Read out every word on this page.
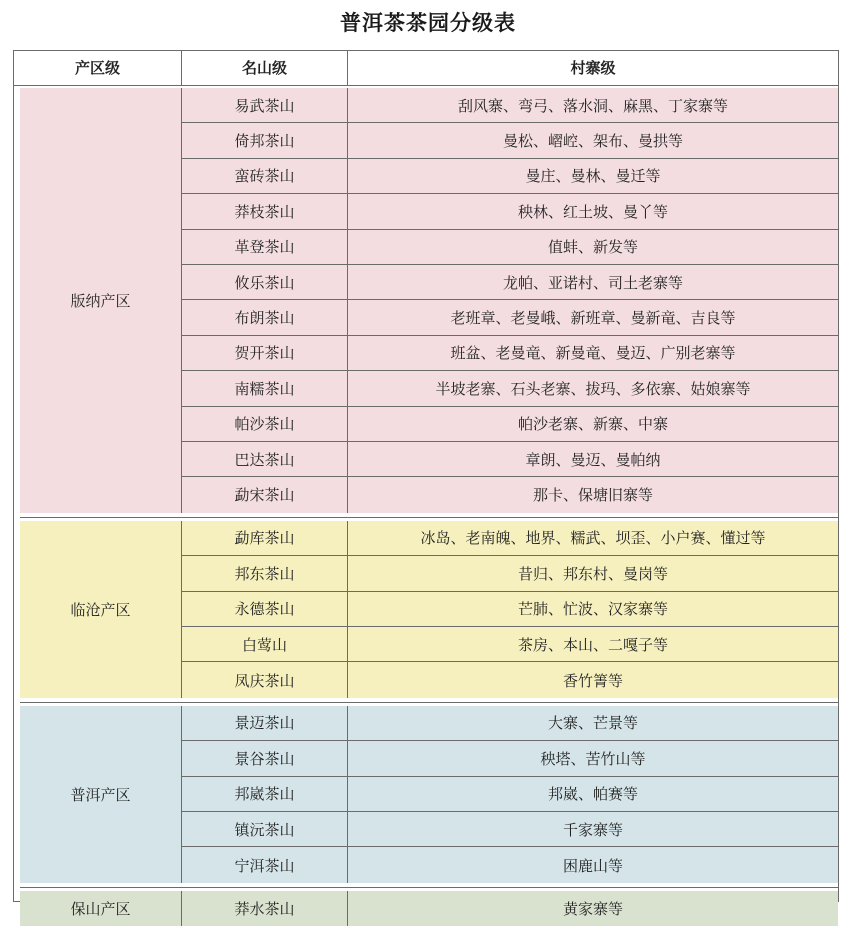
普洱茶茶园分级表
产区级	名山级	村寨级
版纳产区
易武茶山	刮风寨、弯弓、落水洞、麻黑、丁家寨等
倚邦茶山	曼松、嶍崆、架布、曼拱等
蛮砖茶山	曼庄、曼林、曼迁等
莽枝茶山	秧林、红土坡、曼丫等
革登茶山	值蚌、新发等
攸乐茶山	龙帕、亚诺村、司土老寨等
布朗茶山	老班章、老曼峨、新班章、曼新竜、吉良等
贺开茶山	班盆、老曼竜、新曼竜、曼迈、广别老寨等
南糯茶山	半坡老寨、石头老寨、拔玛、多依寨、姑娘寨等
帕沙茶山	帕沙老寨、新寨、中寨
巴达茶山	章朗、曼迈、曼帕纳
勐宋茶山	那卡、保塘旧寨等
临沧产区
勐库茶山	冰岛、老南魄、地界、糯武、坝歪、小户赛、懂过等
邦东茶山	昔归、邦东村、曼岗等
永德茶山	芒肺、忙波、汉家寨等
白莺山	茶房、本山、二嘎子等
凤庆茶山	香竹箐等
普洱产区
景迈茶山	大寨、芒景等
景谷茶山	秧塔、苦竹山等
邦崴茶山	邦崴、帕赛等
镇沅茶山	千家寨等
宁洱茶山	困鹿山等
保山产区	莽水茶山	黄家寨等
